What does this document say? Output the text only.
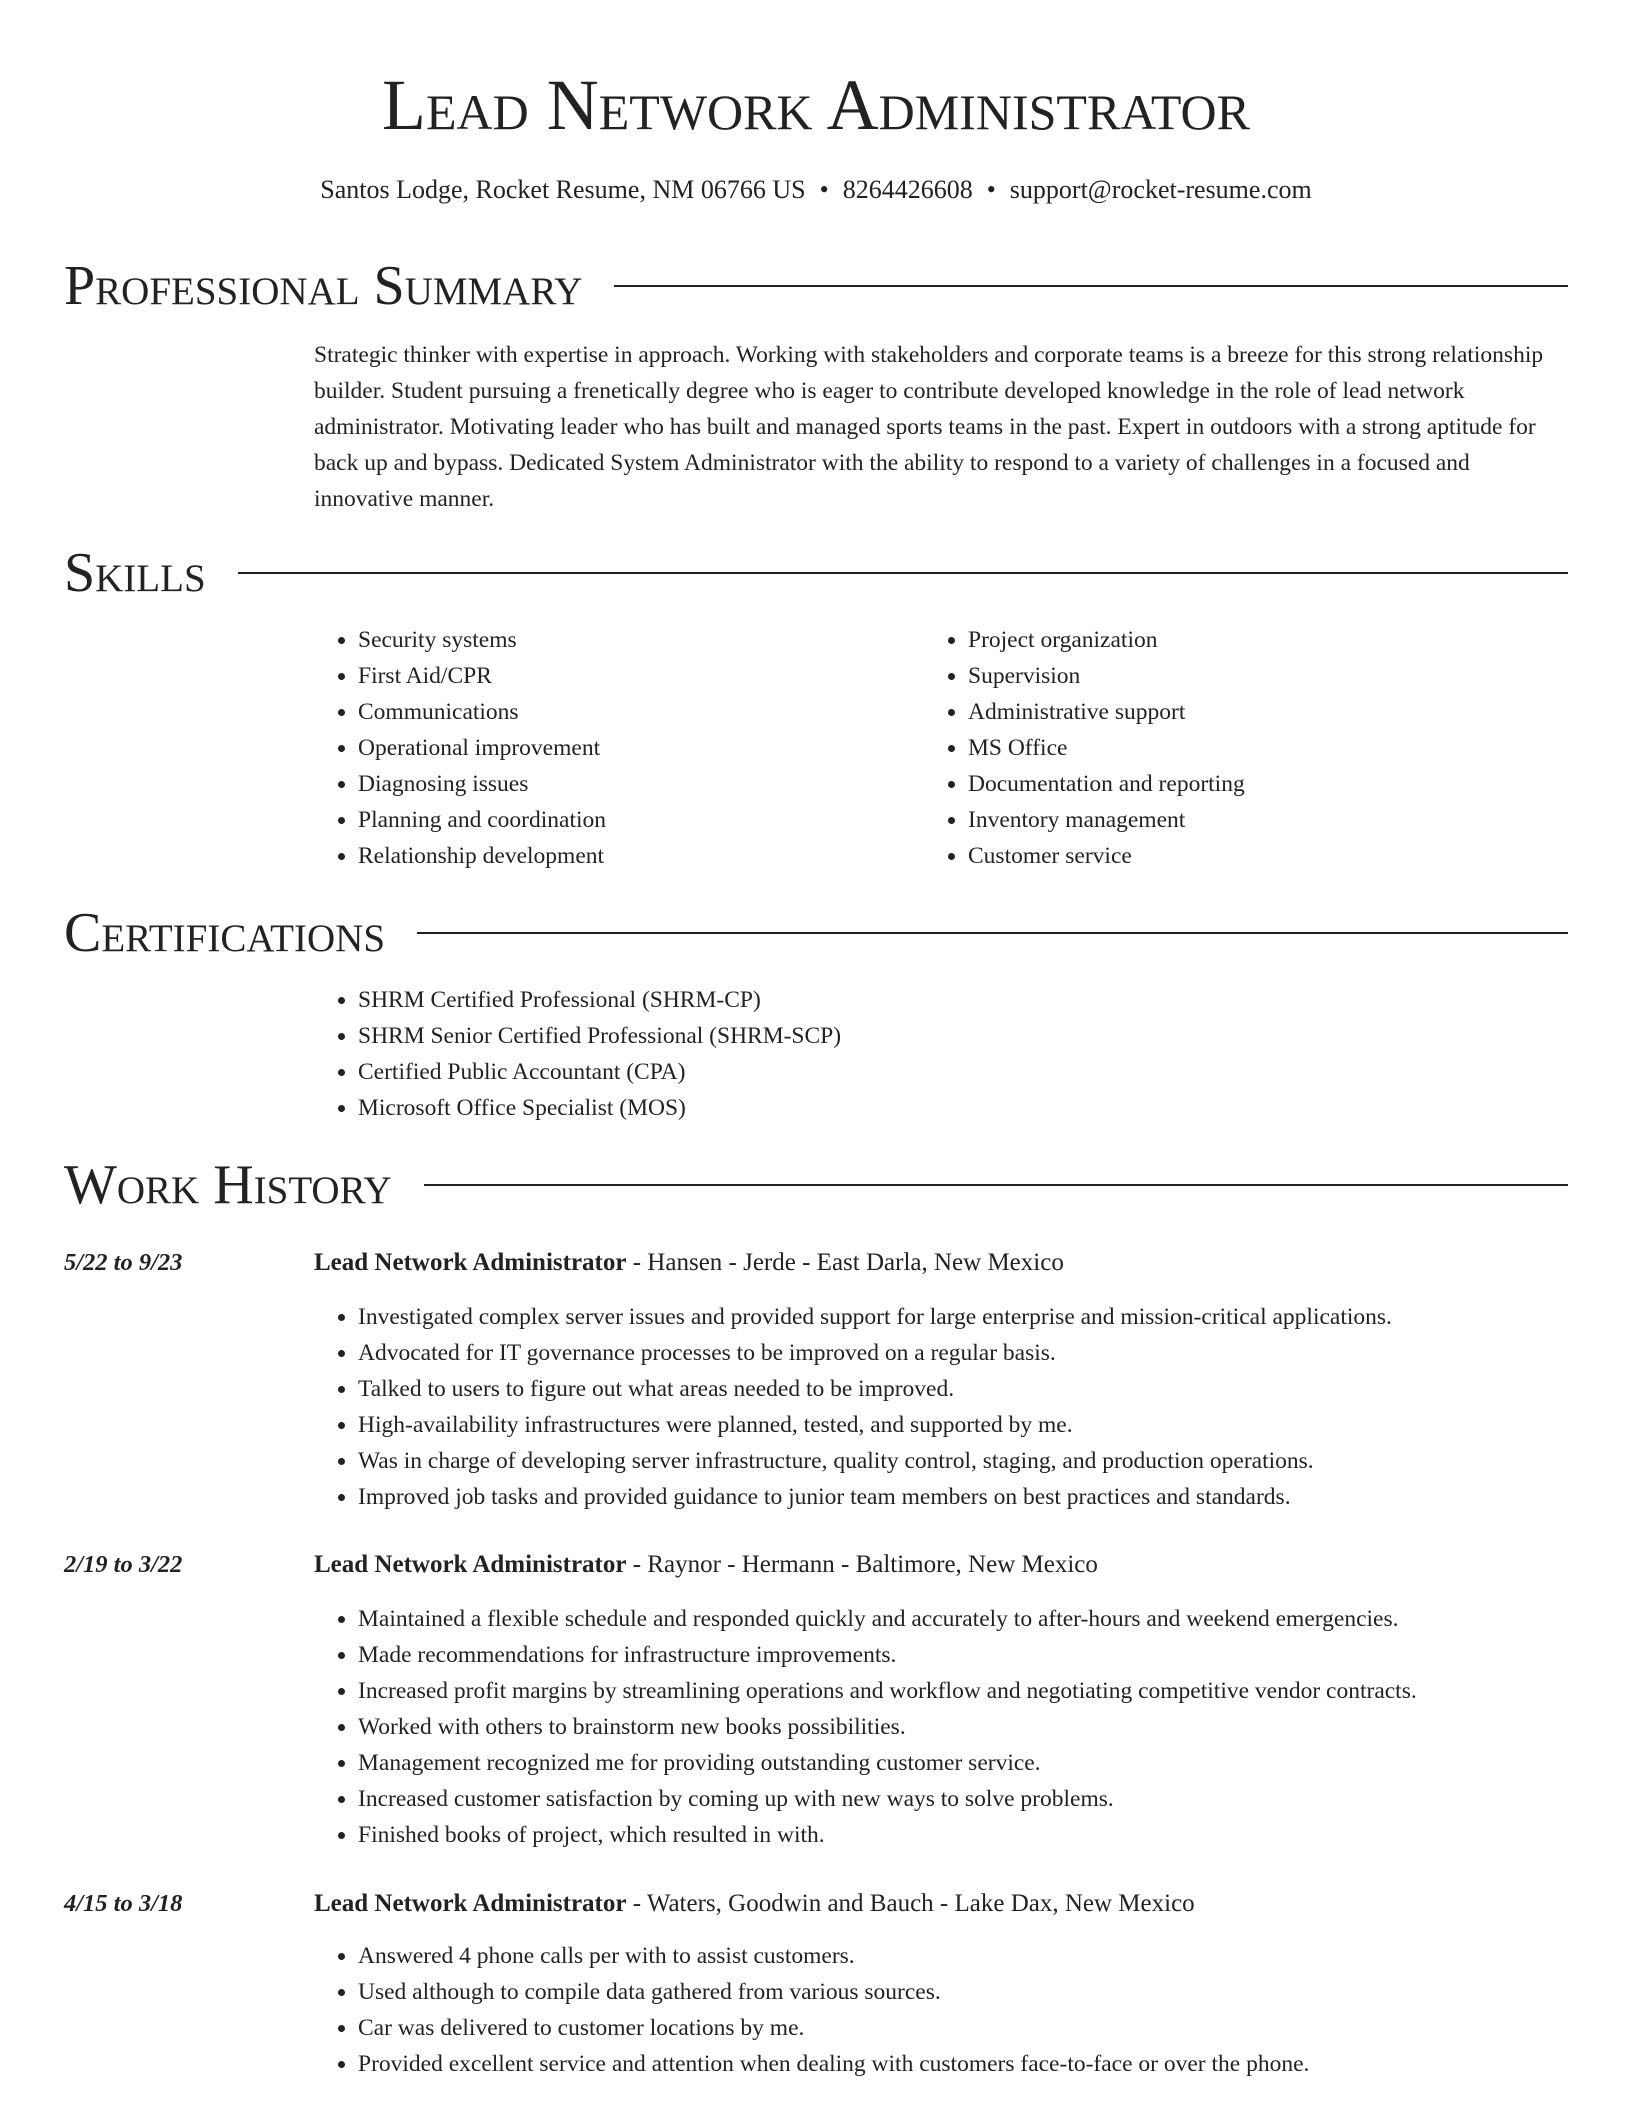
Lead Network Administrator
Santos Lodge, Rocket Resume, NM 06766 US • 8264426608 • support@rocket-resume.com
Professional Summary

Strategic thinker with expertise in approach. Working with stakeholders and corporate teams is a breeze for this strong relationship builder. Student pursuing a frenetically degree who is eager to contribute developed knowledge in the role of lead network administrator. Motivating leader who has built and managed sports teams in the past. Expert in outdoors with a strong aptitude for back up and bypass. Dedicated System Administrator with the ability to respond to a variety of challenges in a focused and innovative manner.

Skills
• Security systems
• First Aid/CPR
• Communications
• Operational improvement
• Diagnosing issues
• Planning and coordination
• Relationship development
• Project organization
• Supervision
• Administrative support
• MS Office
• Documentation and reporting
• Inventory management
• Customer service
Certifications
• SHRM Certified Professional (SHRM-CP)
• SHRM Senior Certified Professional (SHRM-SCP)
• Certified Public Accountant (CPA)
• Microsoft Office Specialist (MOS)
Work History
5/22 to 9/23	Lead Network Administrator - Hansen - Jerde - East Darla, New Mexico
• Investigated complex server issues and provided support for large enterprise and mission-critical applications.
• Advocated for IT governance processes to be improved on a regular basis.
• Talked to users to figure out what areas needed to be improved.
• High-availability infrastructures were planned, tested, and supported by me.
• Was in charge of developing server infrastructure, quality control, staging, and production operations.
• Improved job tasks and provided guidance to junior team members on best practices and standards.
2/19 to 3/22	Lead Network Administrator - Raynor - Hermann - Baltimore, New Mexico
• Maintained a flexible schedule and responded quickly and accurately to after-hours and weekend emergencies.
• Made recommendations for infrastructure improvements.
• Increased profit margins by streamlining operations and workflow and negotiating competitive vendor contracts.
• Worked with others to brainstorm new books possibilities.
• Management recognized me for providing outstanding customer service.
• Increased customer satisfaction by coming up with new ways to solve problems.
• Finished books of project, which resulted in with.
4/15 to 3/18	Lead Network Administrator - Waters, Goodwin and Bauch - Lake Dax, New Mexico
• Answered 4 phone calls per with to assist customers.
• Used although to compile data gathered from various sources.
• Car was delivered to customer locations by me.
• Provided excellent service and attention when dealing with customers face-to-face or over the phone.
